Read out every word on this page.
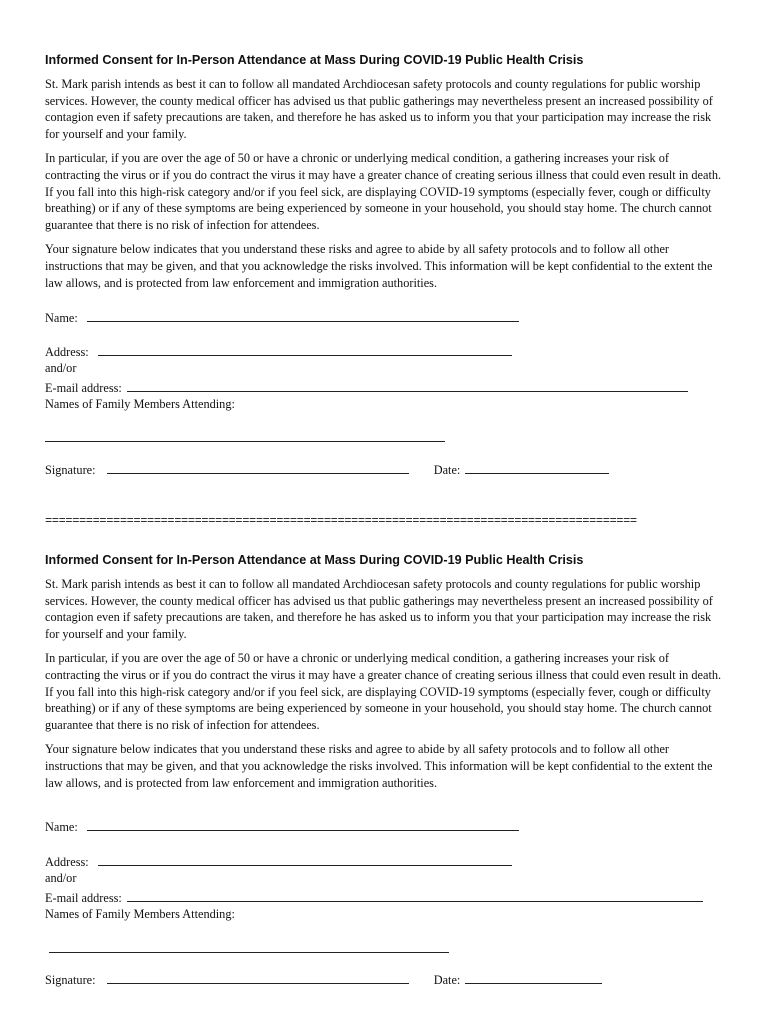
Informed Consent for In-Person Attendance at Mass During COVID-19 Public Health Crisis

St. Mark parish intends as best it can to follow all mandated Archdiocesan safety protocols and county regulations for public worship services. However, the county medical officer has advised us that public gatherings may nevertheless present an increased possibility of contagion even if safety precautions are taken, and therefore he has asked us to inform you that your participation may increase the risk for yourself and your family.

In particular, if you are over the age of 50 or have a chronic or underlying medical condition, a gathering increases your risk of contracting the virus or if you do contract the virus it may have a greater chance of creating serious illness that could even result in death. If you fall into this high-risk category and/or if you feel sick, are displaying COVID-19 symptoms (especially fever, cough or difficulty breathing) or if any of these symptoms are being experienced by someone in your household, you should stay home. The church cannot guarantee that there is no risk of infection for attendees.

Your signature below indicates that you understand these risks and agree to abide by all safety protocols and to follow all other instructions that may be given, and that you acknowledge the risks involved. This information will be kept confidential to the extent the law allows, and is protected from law enforcement and immigration authorities.

Name:
Address:
and/or
E-mail address:
Names of Family Members Attending:
Signature:	Date:
=======================================================================================
Informed Consent for In-Person Attendance at Mass During COVID-19 Public Health Crisis

St. Mark parish intends as best it can to follow all mandated Archdiocesan safety protocols and county regulations for public worship services. However, the county medical officer has advised us that public gatherings may nevertheless present an increased possibility of contagion even if safety precautions are taken, and therefore he has asked us to inform you that your participation may increase the risk for yourself and your family.

In particular, if you are over the age of 50 or have a chronic or underlying medical condition, a gathering increases your risk of contracting the virus or if you do contract the virus it may have a greater chance of creating serious illness that could even result in death. If you fall into this high-risk category and/or if you feel sick, are displaying COVID-19 symptoms (especially fever, cough or difficulty breathing) or if any of these symptoms are being experienced by someone in your household, you should stay home. The church cannot guarantee that there is no risk of infection for attendees.

Your signature below indicates that you understand these risks and agree to abide by all safety protocols and to follow all other instructions that may be given, and that you acknowledge the risks involved. This information will be kept confidential to the extent the law allows, and is protected from law enforcement and immigration authorities.

Name:
Address:
and/or
E-mail address:
Names of Family Members Attending:
Signature:	Date:
